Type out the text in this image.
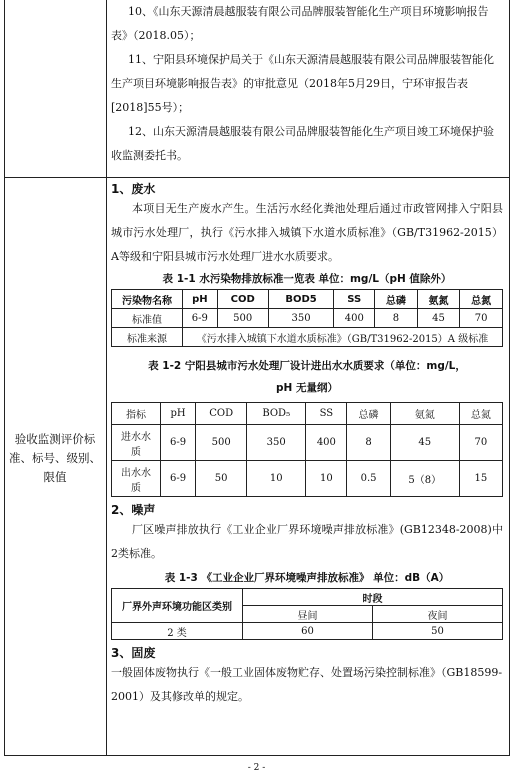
10、《山东天源清晨越服装有限公司品牌服装智能化生产项目环境影响报告表》（2018.05）；

11、宁阳县环境保护局关于《山东天源清晨越服装有限公司品牌服装智能化生产项目环境影响报告表》的审批意见（2018年5月29日，宁环审报告表[2018]55号）；

12、山东天源清晨越服装有限公司品牌服装智能化生产项目竣工环境保护验收监测委托书。

验收监测评价标准、标号、级别、限值

1、废水

本项目无生产废水产生。生活污水经化粪池处理后通过市政管网排入宁阳县城市污水处理厂，执行《污水排入城镇下水道水质标准》（GB/T31962-2015）A等级和宁阳县城市污水处理厂进水水质要求。

表 1-1 水污染物排放标准一览表 单位：mg/L（pH 值除外）

污染物名称	pH	COD	BOD5	SS	总磷	氨氮	总氮
标准值	6-9	500	350	400	8	45	70
标准来源	《污水排入城镇下水道水质标准》（GB/T31962-2015）A 级标准						

表 1-2 宁阳县城市污水处理厂设计进出水水质要求（单位：mg/L，

pH 无量纲）

指标	pH	COD	BOD₅	SS	总磷	氨氮	总氮
进水水质	6-9	500	350	400	8	45	70
出水水质	6-9	50	10	10	0.5	5（8）	15

2、噪声

厂区噪声排放执行《工业企业厂界环境噪声排放标准》(GB12348-2008)中2类标准。

表 1-3 《工业企业厂界环境噪声排放标准》 单位：dB（A）

厂界外声环境功能区类别	时段	
	昼间	夜间
2 类	60	50

3、固废

一般固体废物执行《一般工业固体废物贮存、处置场污染控制标准》（GB18599-2001）及其修改单的规定。

- 2 -
